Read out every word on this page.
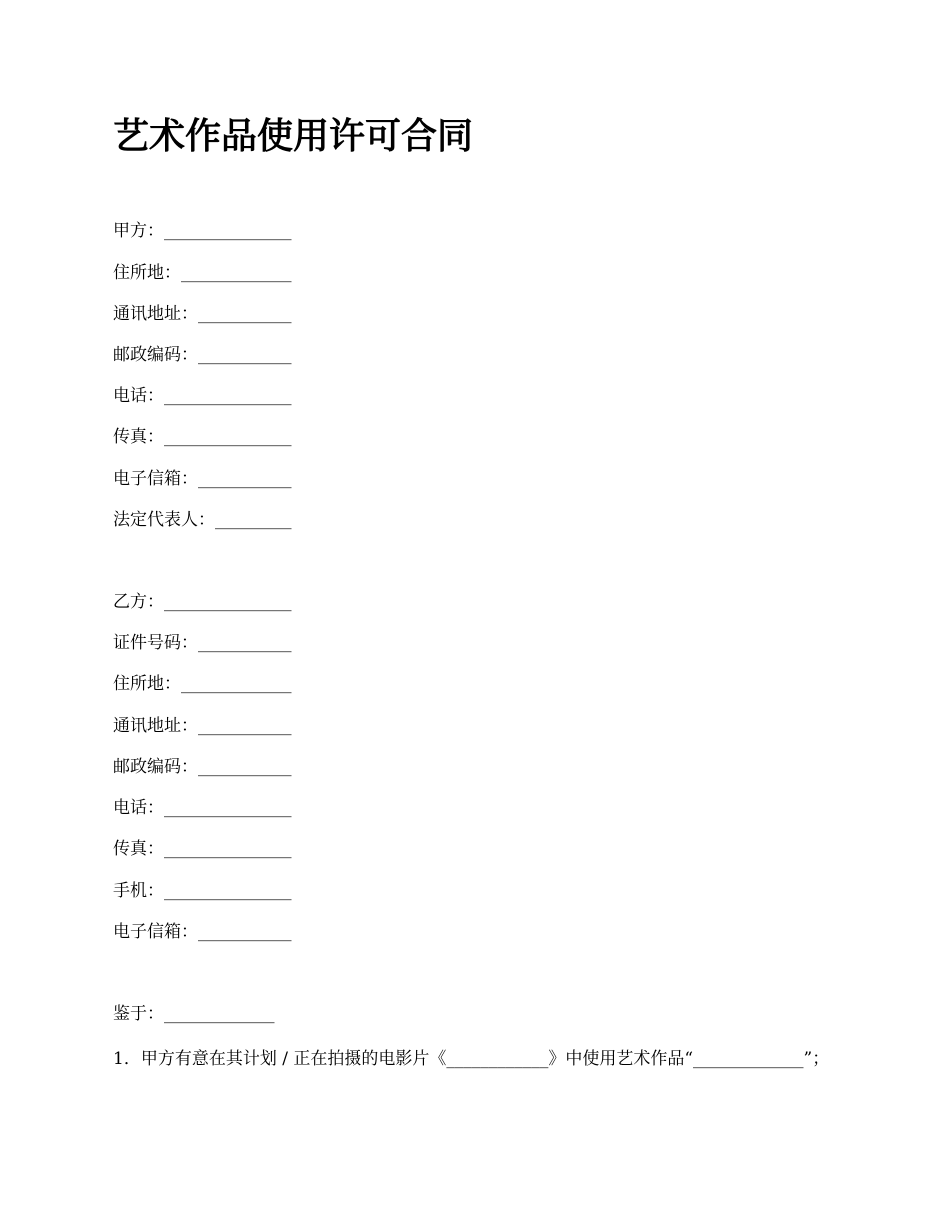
艺术作品使用许可合同
甲方：_______________
住所地：_____________
通讯地址：___________
邮政编码：___________
电话：_______________
传真：_______________
电子信箱：___________
法定代表人：_________
乙方：_______________
证件号码：___________
住所地：_____________
通讯地址：___________
邮政编码：___________
电话：_______________
传真：_______________
手机：_______________
电子信箱：___________
鉴于：_____________
1．甲方有意在其计划 / 正在拍摄的电影片《____________》中使用艺术作品“_____________”；
